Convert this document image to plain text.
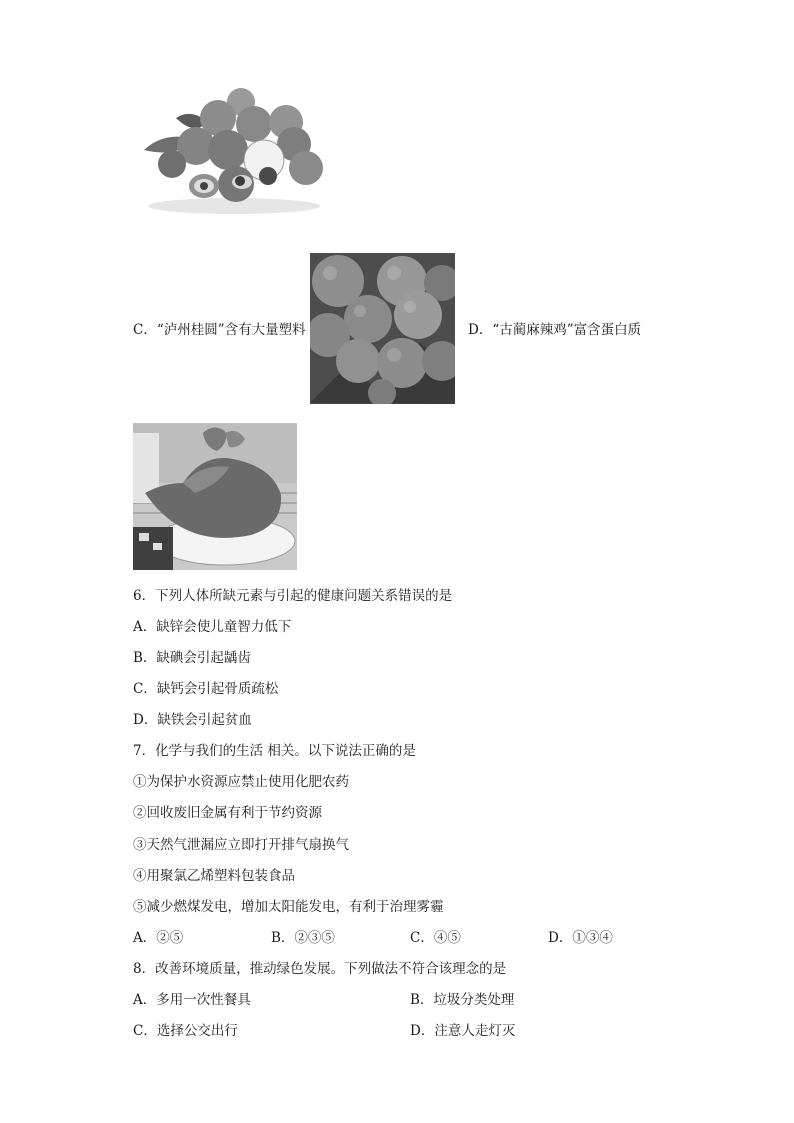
C．“泸州桂圆”含有大量塑料	D．“古蔺麻辣鸡”富含蛋白质
6．下列人体所缺元素与引起的健康问题关系错误的是
A．缺锌会使儿童智力低下
B．缺碘会引起龋齿
C．缺钙会引起骨质疏松
D．缺铁会引起贫血
7．化学与我们的生活 相关。以下说法正确的是
①为保护水资源应禁止使用化肥农药
②回收废旧金属有利于节约资源
③天然气泄漏应立即打开排气扇换气
④用聚氯乙烯塑料包装食品
⑤减少燃煤发电，增加太阳能发电，有利于治理雾霾
A．②⑤	B．②③⑤	C．④⑤	D．①③④
8．改善环境质量，推动绿色发展。下列做法不符合该理念的是
A．多用一次性餐具	B．垃圾分类处理
C．选择公交出行	D．注意人走灯灭
